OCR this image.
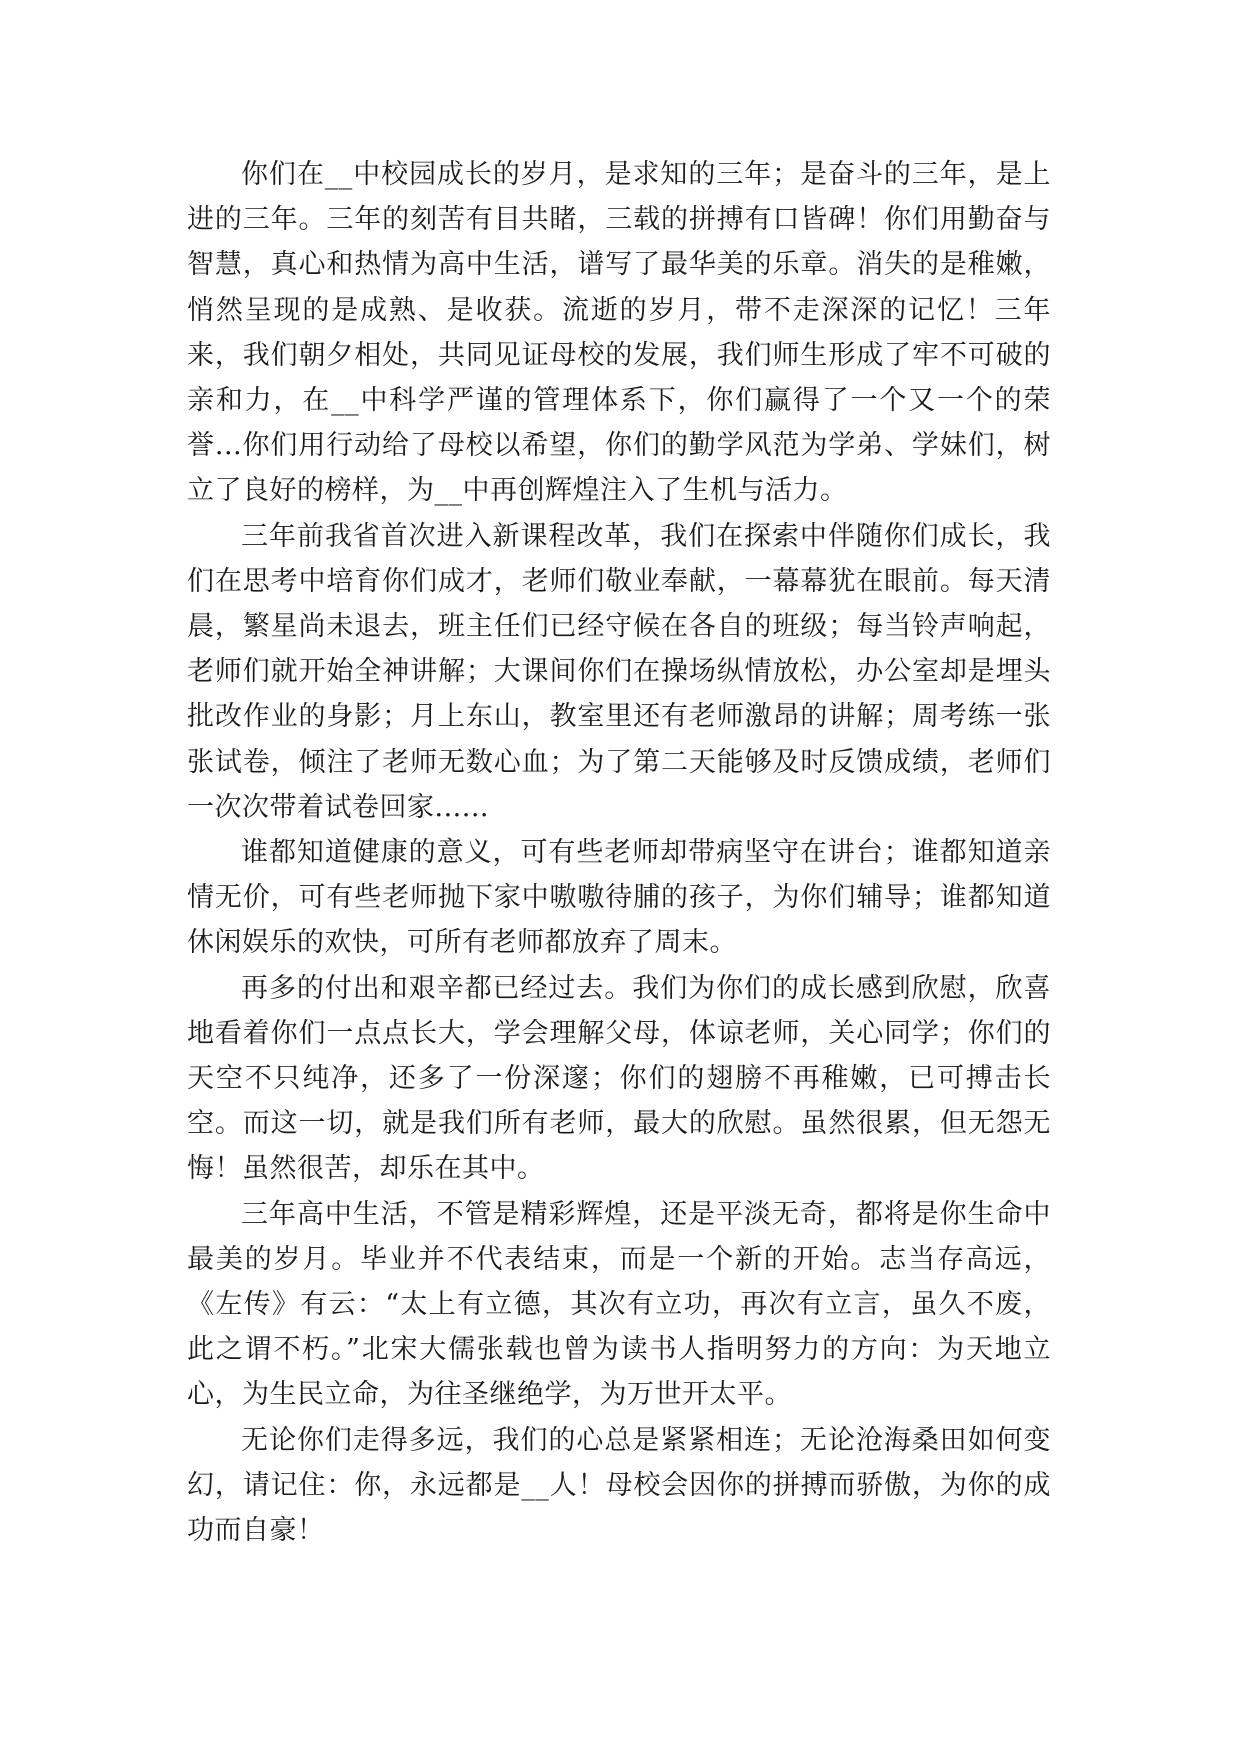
你们在__中校园成长的岁月，是求知的三年；是奋斗的三年，是上进的三年。三年的刻苦有目共睹，三载的拼搏有口皆碑！你们用勤奋与智慧，真心和热情为高中生活，谱写了最华美的乐章。消失的是稚嫩，悄然呈现的是成熟、是收获。流逝的岁月，带不走深深的记忆！三年来，我们朝夕相处，共同见证母校的发展，我们师生形成了牢不可破的亲和力，在__中科学严谨的管理体系下，你们赢得了一个又一个的荣誉...你们用行动给了母校以希望，你们的勤学风范为学弟、学妹们，树立了良好的榜样，为__中再创辉煌注入了生机与活力。

三年前我省首次进入新课程改革，我们在探索中伴随你们成长，我们在思考中培育你们成才，老师们敬业奉献，一幕幕犹在眼前。每天清晨，繁星尚未退去，班主任们已经守候在各自的班级；每当铃声响起，老师们就开始全神讲解；大课间你们在操场纵情放松，办公室却是埋头批改作业的身影；月上东山，教室里还有老师激昂的讲解；周考练一张张试卷，倾注了老师无数心血；为了第二天能够及时反馈成绩，老师们一次次带着试卷回家......

谁都知道健康的意义，可有些老师却带病坚守在讲台；谁都知道亲情无价，可有些老师抛下家中嗷嗷待脯的孩子，为你们辅导；谁都知道休闲娱乐的欢快，可所有老师都放弃了周末。

再多的付出和艰辛都已经过去。我们为你们的成长感到欣慰，欣喜地看着你们一点点长大，学会理解父母，体谅老师，关心同学；你们的天空不只纯净，还多了一份深邃；你们的翅膀不再稚嫩，已可搏击长空。而这一切，就是我们所有老师，最大的欣慰。虽然很累，但无怨无悔！虽然很苦，却乐在其中。

三年高中生活，不管是精彩辉煌，还是平淡无奇，都将是你生命中最美的岁月。毕业并不代表结束，而是一个新的开始。志当存高远，《左传》有云：“太上有立德，其次有立功，再次有立言，虽久不废，此之谓不朽。”北宋大儒张载也曾为读书人指明努力的方向：为天地立心，为生民立命，为往圣继绝学，为万世开太平。

无论你们走得多远，我们的心总是紧紧相连；无论沧海桑田如何变幻，请记住：你，永远都是__人！母校会因你的拼搏而骄傲，为你的成功而自豪！
